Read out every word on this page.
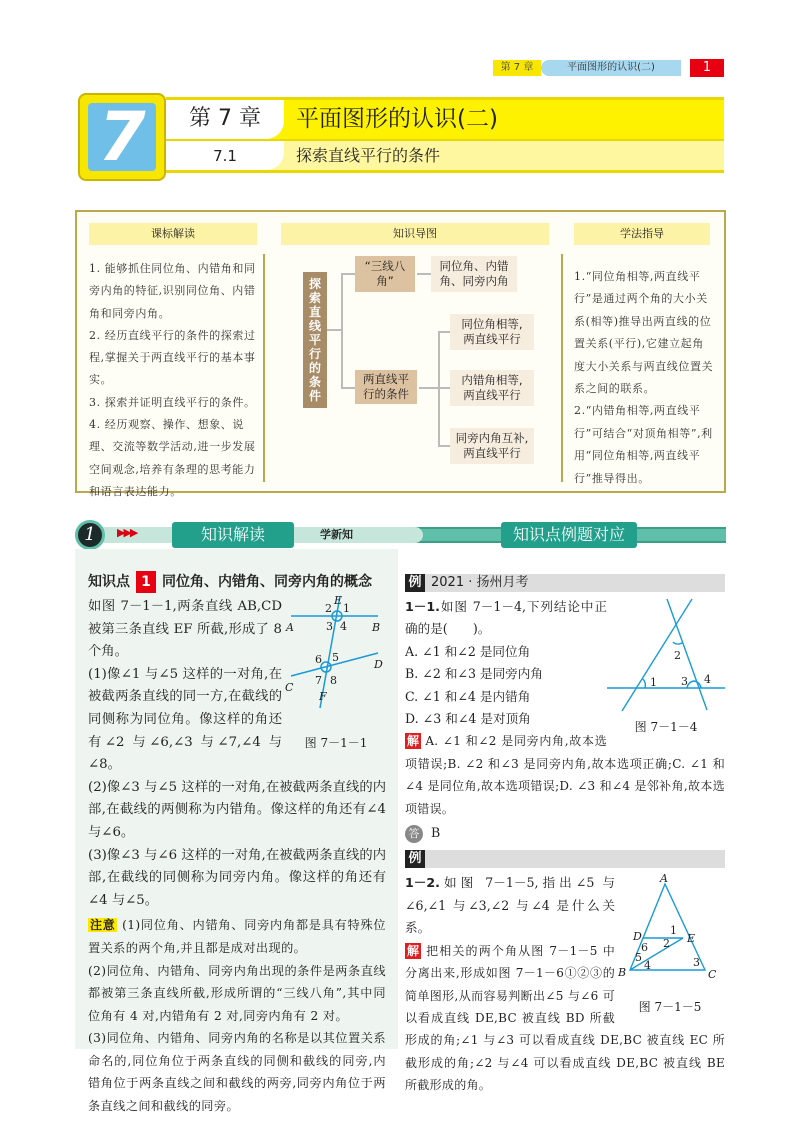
第 7 章	平面图形的认识(二)	1
7	第 7 章	平面图形的认识(二)
7.1	探索直线平行的条件
课标解读
1. 能够抓住同位角、内错角和同旁内角的特征,识别同位角、内错角和同旁内角。
2. 经历直线平行的条件的探索过程,掌握关于两直线平行的基本事实。
3. 探索并证明直线平行的条件。
4. 经历观察、操作、想象、说理、交流等数学活动,进一步发展空间观念,培养有条理的思考能力和语言表达能力。
知识导图
探索直线平行的条件
“三线八角”
同位角、内错角、同旁内角
两直线平行的条件
同位角相等,两直线平行
内错角相等,两直线平行
同旁内角互补,两直线平行
学法指导
1.“同位角相等,两直线平行”是通过两个角的大小关系(相等)推导出两直线的位置关系(平行),它建立起角度大小关系与两直线位置关系之间的联系。
2.“内错角相等,两直线平行”可结合“对顶角相等”,利用“同位角相等,两直线平行”推导得出。
1	▶▶▶	知识解读	学新知	知识点例题对应
知识点 1 同位角、内错角、同旁内角的概念
E
2 1
A	3 4 B
6 5
D
C
7 8
F
图 7－1－1
如图 7－1－1,两条直线 AB,CD 被第三条直线 EF 所截,形成了 8 个角。
(1)像∠1 与∠5 这样的一对角,在被截两条直线的同一方,在截线的同侧称为同位角。像这样的角还有∠2 与∠6,∠3 与∠7,∠4 与∠8。
(2)像∠3 与∠5 这样的一对角,在被截两条直线的内部,在截线的两侧称为内错角。像这样的角还有∠4 与∠6。
(3)像∠3 与∠6 这样的一对角,在被截两条直线的内部,在截线的同侧称为同旁内角。像这样的角还有∠4 与∠5。
注意 (1)同位角、内错角、同旁内角都是具有特殊位置关系的两个角,并且都是成对出现的。
(2)同位角、内错角、同旁内角出现的条件是两条直线都被第三条直线所截,形成所谓的“三线八角”,其中同位角有 4 对,内错角有 2 对,同旁内角有 2 对。
(3)同位角、内错角、同旁内角的名称是以其位置关系命名的,同位角位于两条直线的同侧和截线的同旁,内错角位于两条直线之间和截线的两旁,同旁内角位于两条直线之间和截线的同旁。
例 2021 · 扬州月考
2
1 3 4
图 7－1－4
1－1.如图 7－1－4,下列结论中正确的是(　　)。
A. ∠1 和∠2 是同位角
B. ∠2 和∠3 是同旁内角
C. ∠1 和∠4 是内错角
D. ∠3 和∠4 是对顶角
解 A. ∠1 和∠2 是同旁内角,故本选项错误;B. ∠2 和∠3 是同旁内角,故本选项正确;C. ∠1 和∠4 是同位角,故本选项错误;D. ∠3 和∠4 是邻补角,故本选项错误。
答 B
例
A
D	1
E
6 2
5
4	3
B	C
图 7－1－5
1－2.如图 7－1－5,指出∠5 与∠6,∠1 与∠3,∠2 与∠4 是什么关系。
解 把相关的两个角从图 7－1－5 中分离出来,形成如图 7－1－6①②③的简单图形,从而容易判断出∠5 与∠6 可以看成直线 DE,BC 被直线 BD 所截形成的角;∠1 与∠3 可以看成直线 DE,BC 被直线 EC 所截形成的角;∠2 与∠4 可以看成直线 DE,BC 被直线 BE 所截形成的角。
